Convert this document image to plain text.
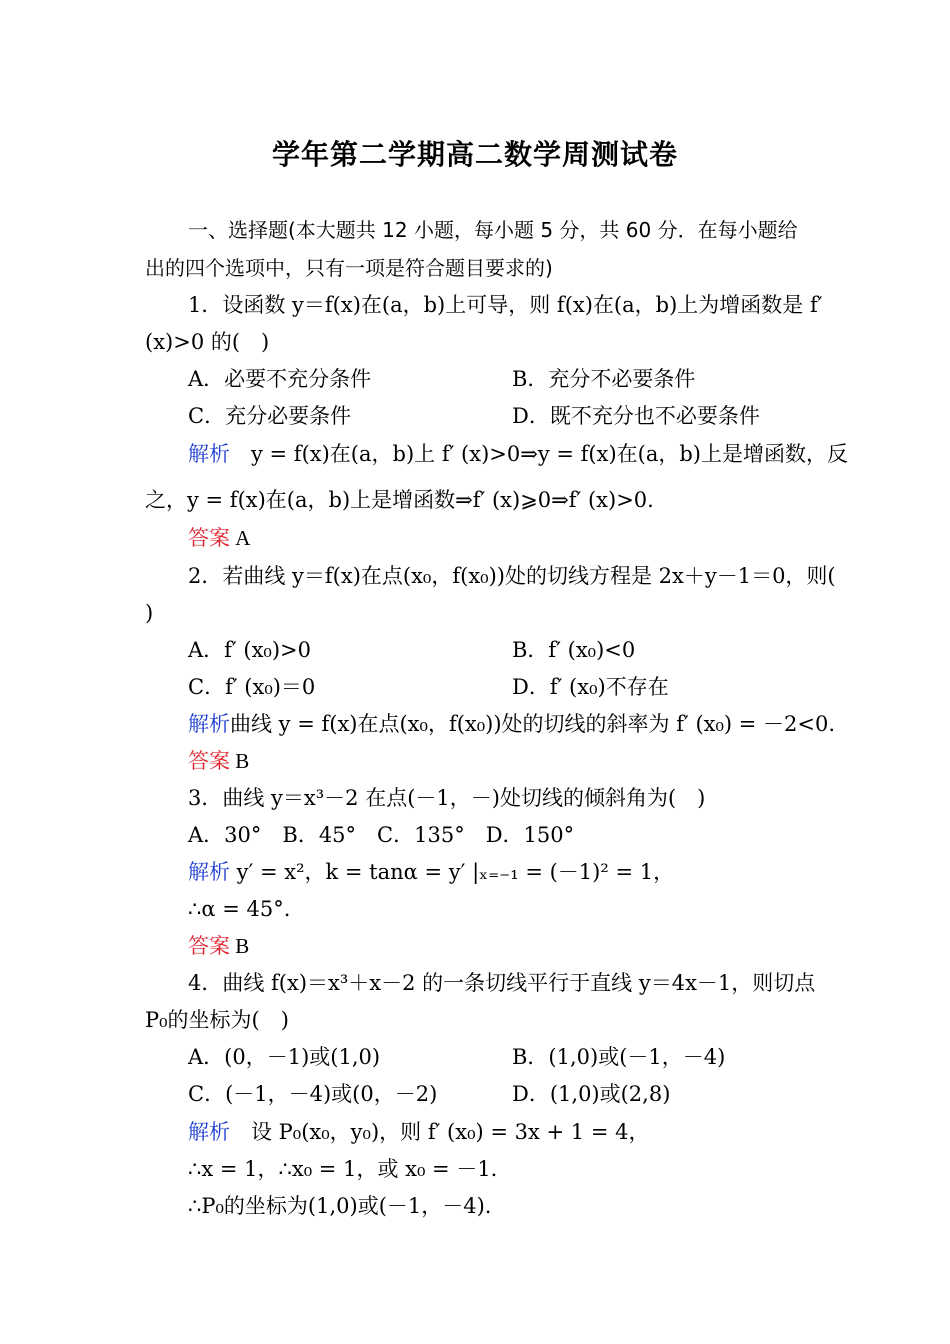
学年第二学期高二数学周测试卷
一、选择题(本大题共 12 小题，每小题 5 分，共 60 分．在每小题给
出的四个选项中，只有一项是符合题目要求的)
1．设函数 y＝f(x)在(a，b)上可导，则 f(x)在(a，b)上为增函数是 f′
(x)>0 的(　)
A．必要不充分条件	B．充分不必要条件
C．充分必要条件	D．既不充分也不必要条件
解析　y = f(x)在(a，b)上 f′ (x)>0⇒y = f(x)在(a，b)上是增函数，反
之，y = f(x)在(a，b)上是增函数⇒f′ (x)⩾0⇒f′ (x)>0.
答案 A
2．若曲线 y＝f(x)在点(x₀，f(x₀))处的切线方程是 2x＋y－1＝0，则(
)
A．f′ (x₀)>0	B．f′ (x₀)<0
C．f′ (x₀)＝0	D．f′ (x₀)不存在
解析曲线 y = f(x)在点(x₀，f(x₀))处的切线的斜率为 f′ (x₀) = －2<0.
答案 B
3．曲线 y＝x³－2 在点(－1，－)处切线的倾斜角为(　)
A．30°　B．45°　C．135°　D．150°
解析 y′ = x²，k = tanα = y′ |ₓ₌₋₁ = (－1)² = 1，
∴α = 45°.
答案 B
4．曲线 f(x)＝x³＋x－2 的一条切线平行于直线 y＝4x－1，则切点
P₀的坐标为(　)
A．(0，－1)或(1,0)	B．(1,0)或(－1，－4)
C．(－1，－4)或(0，－2)	D．(1,0)或(2,8)
解析　设 P₀(x₀，y₀)，则 f′ (x₀) = 3x + 1 = 4，
∴x = 1，∴x₀ = 1，或 x₀ = －1.
∴P₀的坐标为(1,0)或(－1，－4).
